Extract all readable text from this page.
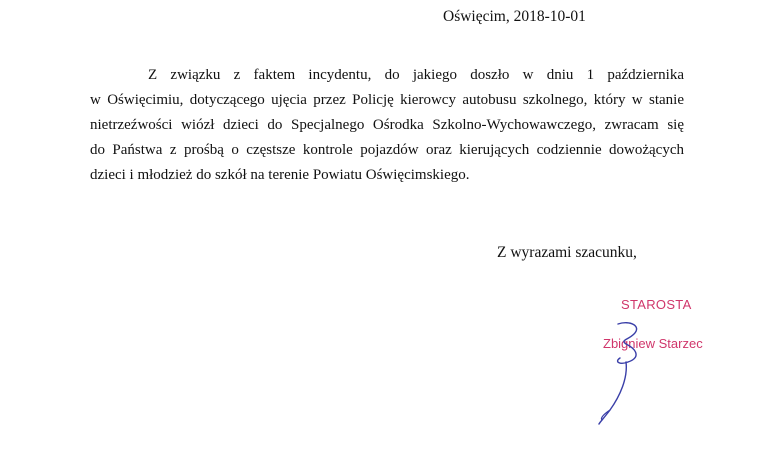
Oświęcim, 2018-10-01
Z związku z faktem incydentu, do jakiego doszło w dniu 1 października
w Oświęcimiu, dotyczącego ujęcia przez Policję kierowcy autobusu szkolnego, który w stanie
nietrzeźwości wiózł dzieci do Specjalnego Ośrodka Szkolno-Wychowawczego, zwracam się
do Państwa z prośbą o częstsze kontrole pojazdów oraz kierujących codziennie dowożących
dzieci i młodzież do szkół na terenie Powiatu Oświęcimskiego.
Z wyrazami szacunku,
STAROSTA
Zbigniew Starzec
